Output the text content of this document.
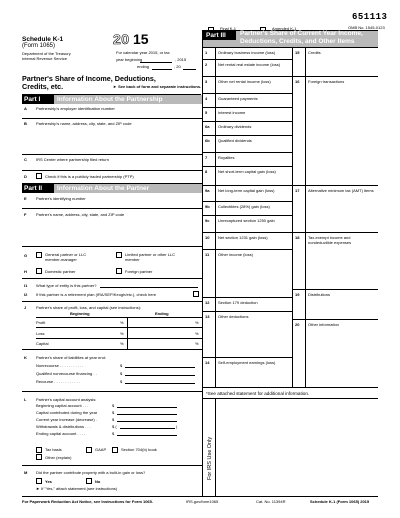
651113
Final K-1	Amended K-1	OMB No. 1545-0123
Schedule K-1
(Form 1065)	20 15
Department of the Treasury
Internal Revenue Service
For calendar year 2015, or tax
year beginning	, 2015
ending	, 20
Partner's Share of Income, Deductions,
Credits, etc.	► See back of form and separate instructions.
Part I	Information About the Partnership
A Partnership's employer identification number
B Partnership's name, address, city, state, and ZIP code
C IRS Center where partnership filed return
D	Check if this is a publicly traded partnership (PTP)
Part II	Information About the Partner
E Partner's identifying number
F Partner's name, address, city, state, and ZIP code
G	General partner or LLC
member-manager
Limited partner or other LLC
member
H	Domestic partner	Foreign partner
I1 What type of entity is this partner?
I2 If this partner is a retirement plan (IRA/SEP/Keogh/etc.), check here
J Partner's share of profit, loss, and capital (see instructions):
Beginning	Ending
Profit	%	%
Loss	%	%
Capital	%	%
K Partner's share of liabilities at year end:
Nonrecourse . . . . . . . . . . .	$
Qualified nonrecourse financing . .	$
Recourse . . . . . . . . . . . .	$
L Partner's capital account analysis:
Beginning capital account . . .	$
Capital contributed during the year	$
Current year increase (decrease) .	$
Withdrawals & distributions . . .	$ (	)
Ending capital account . . . .	$
Tax basis	GAAP	Section 704(b) book
Other (explain)
M Did the partner contribute property with a built-in gain or loss?
Yes	No
► If "Yes," attach statement (see instructions)
Part III Partner's Share of Current Year Income,
Deductions, Credits, and Other Items
1	Ordinary business income (loss)
2	Net rental real estate income (loss)
3	Other net rental income (loss)
4	Guaranteed payments
5	Interest income
6a Ordinary dividends
6b Qualified dividends
7	Royalties
8	Net short-term capital gain (loss)
9a Net long-term capital gain (loss)
9b Collectibles (28%) gain (loss)
9c Unrecaptured section 1250 gain
10 Net section 1231 gain (loss)
11 Other income (loss)
12 Section 179 deduction
13 Other deductions
14 Self-employment earnings (loss)
15 Credits
16 Foreign transactions
17 Alternative minimum tax (AMT) items
18 Tax-exempt income and
nondeductible expenses
19 Distributions
20 Other information
*See attached statement for additional information.
For IRS Use Only
For Paperwork Reduction Act Notice, see Instructions for Form 1065.	IRS.gov/form1065	Cat. No. 11394R	Schedule K-1 (Form 1065) 2015
